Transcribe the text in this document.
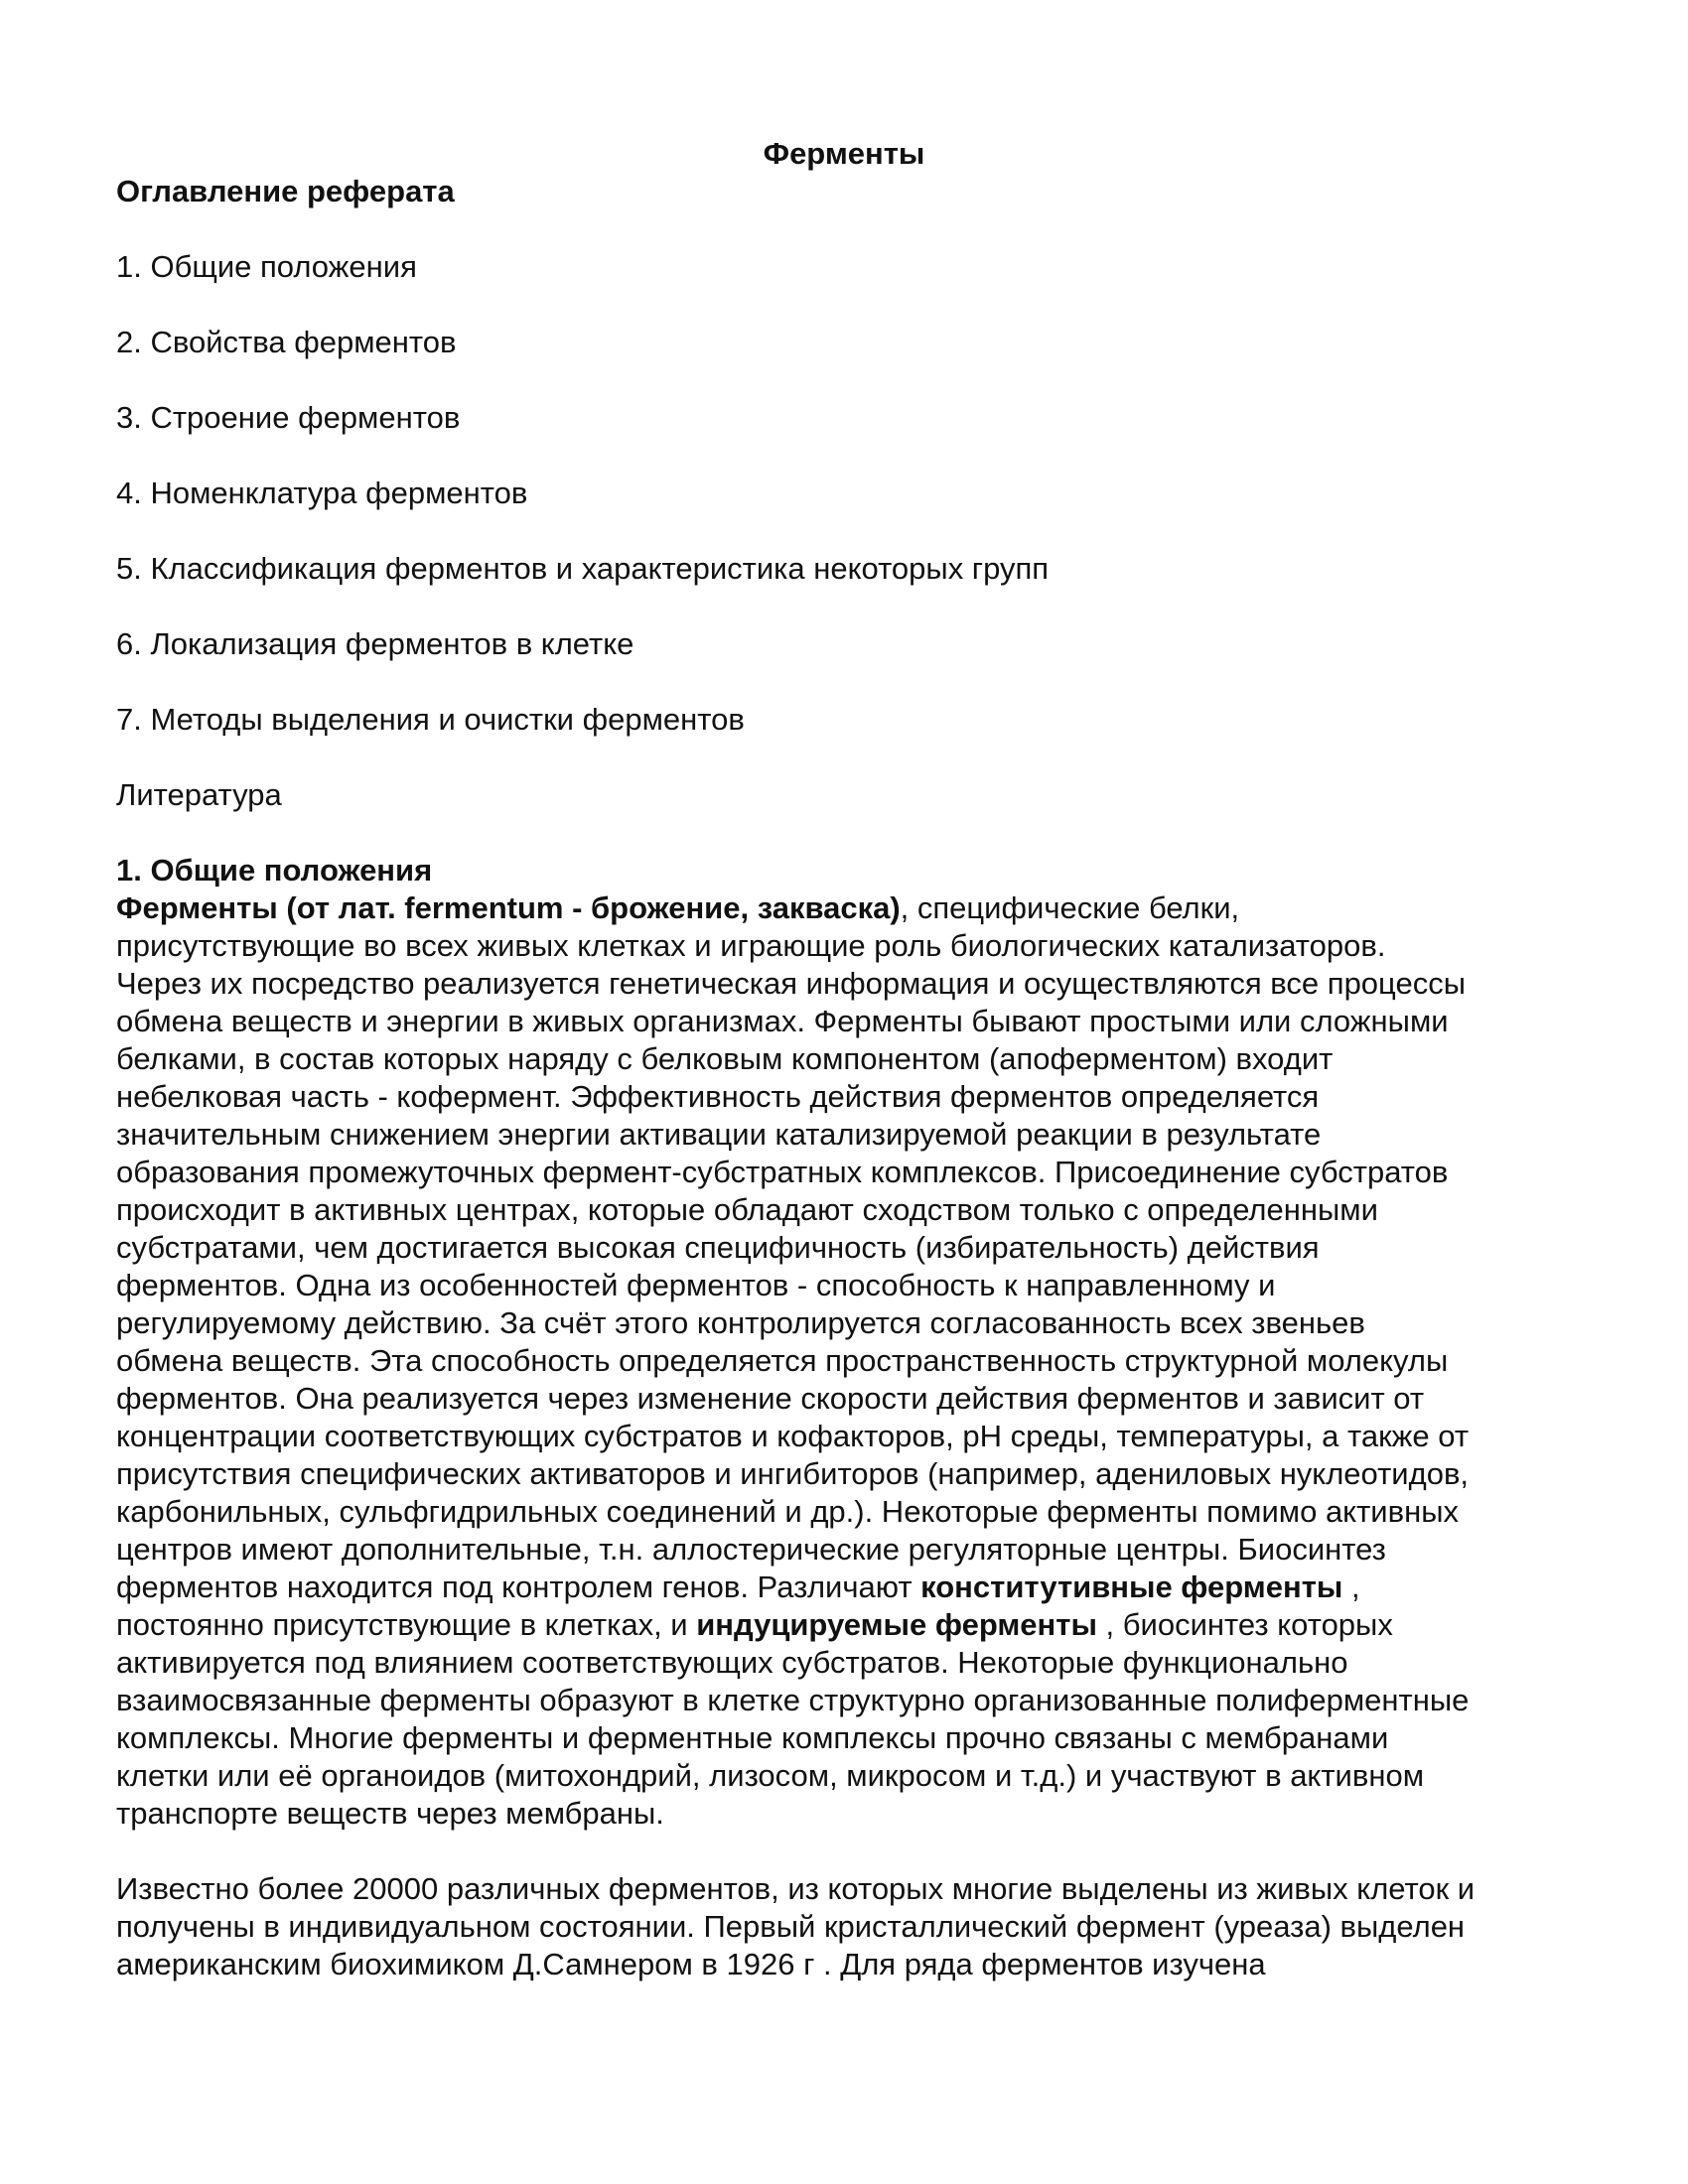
Ферменты
Оглавление реферата
1. Общие положения
2. Свойства ферментов
3. Строение ферментов
4. Номенклатура ферментов
5. Классификация ферментов и характеристика некоторых групп
6. Локализация ферментов в клетке
7. Методы выделения и очистки ферментов
Литература
1. Общие положения

Ферменты (от лат. fermentum - брожение, закваска), специфические белки,
присутствующие во всех живых клетках и играющие роль биологических катализаторов.
Через их посредство реализуется генетическая информация и осуществляются все процессы
обмена веществ и энергии в живых организмах. Ферменты бывают простыми или сложными
белками, в состав которых наряду с белковым компонентом (апоферментом) входит
небелковая часть - кофермент. Эффективность действия ферментов определяется
значительным снижением энергии активации катализируемой реакции в результате
образования промежуточных фермент-субстратных комплексов. Присоединение субстратов
происходит в активных центрах, которые обладают сходством только с определенными
субстратами, чем достигается высокая специфичность (избирательность) действия
ферментов. Одна из особенностей ферментов - способность к направленному и
регулируемому действию. За счёт этого контролируется согласованность всех звеньев
обмена веществ. Эта способность определяется пространственность структурной молекулы
ферментов. Она реализуется через изменение скорости действия ферментов и зависит от
концентрации соответствующих субстратов и кофакторов, pH среды, температуры, а также от
присутствия специфических активаторов и ингибиторов (например, адениловых нуклеотидов,
карбонильных, сульфгидрильных соединений и др.). Некоторые ферменты помимо активных
центров имеют дополнительные, т.н. аллостерические регуляторные центры. Биосинтез
ферментов находится под контролем генов. Различают конститутивные ферменты ,
постоянно присутствующие в клетках, и индуцируемые ферменты , биосинтез которых
активируется под влиянием соответствующих субстратов. Некоторые функционально
взаимосвязанные ферменты образуют в клетке структурно организованные полиферментные
комплексы. Многие ферменты и ферментные комплексы прочно связаны с мембранами
клетки или её органоидов (митохондрий, лизосом, микросом и т.д.) и участвуют в активном
транспорте веществ через мембраны.

Известно более 20000 различных ферментов, из которых многие выделены из живых клеток и
получены в индивидуальном состоянии. Первый кристаллический фермент (уреаза) выделен
американским биохимиком Д.Самнером в 1926 г . Для ряда ферментов изучена
